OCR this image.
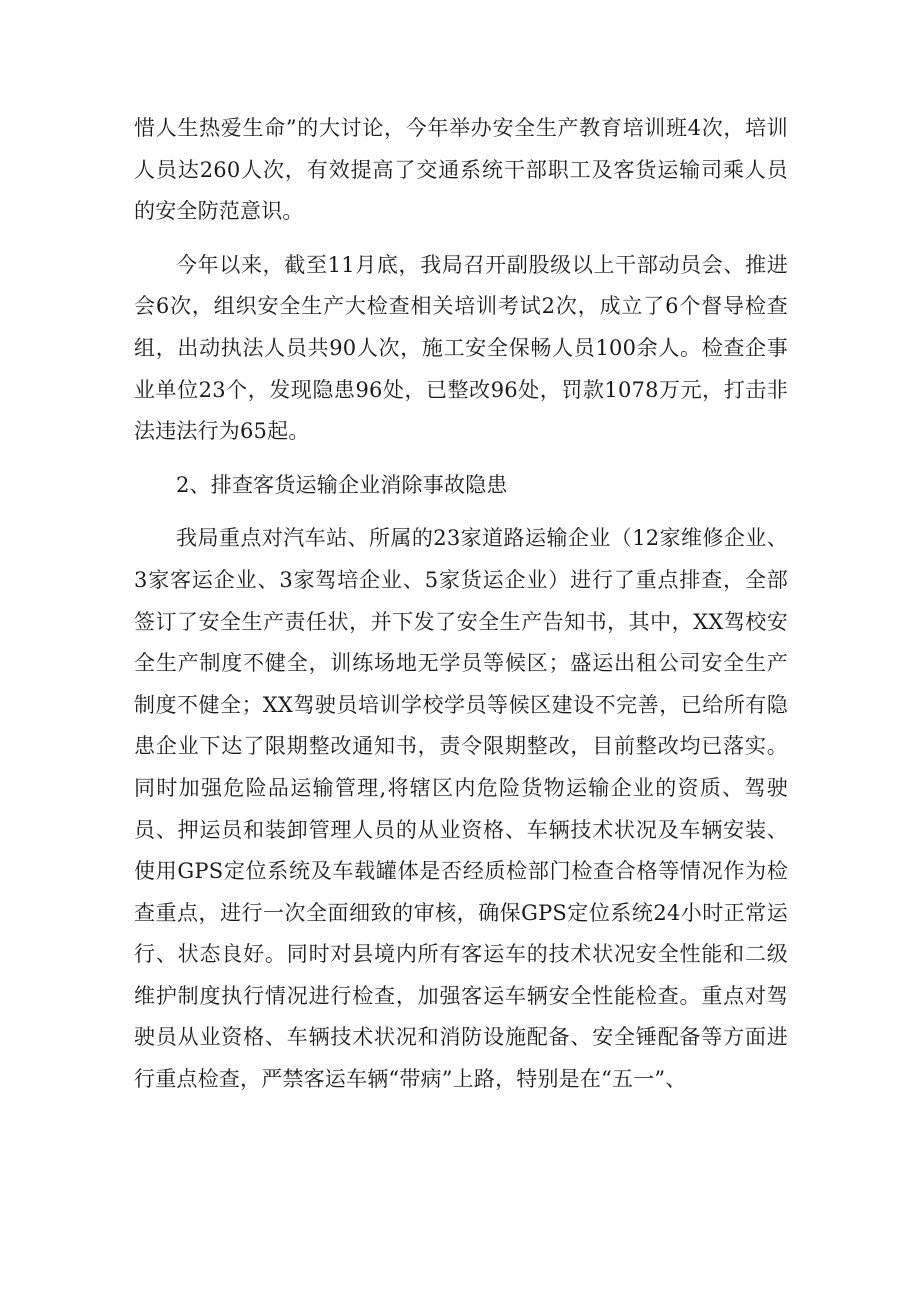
惜人生热爱生命”的大讨论，今年举办安全生产教育培训班4次，培训人员达260人次，有效提高了交通系统干部职工及客货运输司乘人员的安全防范意识。

今年以来，截至11月底，我局召开副股级以上干部动员会、推进会6次，组织安全生产大检查相关培训考试2次，成立了6个督导检查组，出动执法人员共90人次，施工安全保畅人员100余人。检查企事业单位23个，发现隐患96处，已整改96处，罚款1078万元，打击非法违法行为65起。

2、排查客货运输企业消除事故隐患

我局重点对汽车站、所属的23家道路运输企业（12家维修企业、3家客运企业、3家驾培企业、5家货运企业）进行了重点排查，全部签订了安全生产责任状，并下发了安全生产告知书，其中，XX驾校安全生产制度不健全，训练场地无学员等候区；盛运出租公司安全生产制度不健全；XX驾驶员培训学校学员等候区建设不完善，已给所有隐患企业下达了限期整改通知书，责令限期整改，目前整改均已落实。同时加强危险品运输管理,将辖区内危险货物运输企业的资质、驾驶员、押运员和装卸管理人员的从业资格、车辆技术状况及车辆安装、使用GPS定位系统及车载罐体是否经质检部门检查合格等情况作为检查重点，进行一次全面细致的审核，确保GPS定位系统24小时正常运行、状态良好。同时对县境内所有客运车的技术状况安全性能和二级维护制度执行情况进行检查，加强客运车辆安全性能检查。重点对驾驶员从业资格、车辆技术状况和消防设施配备、安全锤配备等方面进行重点检查，严禁客运车辆“带病”上路，特别是在“五一”、
